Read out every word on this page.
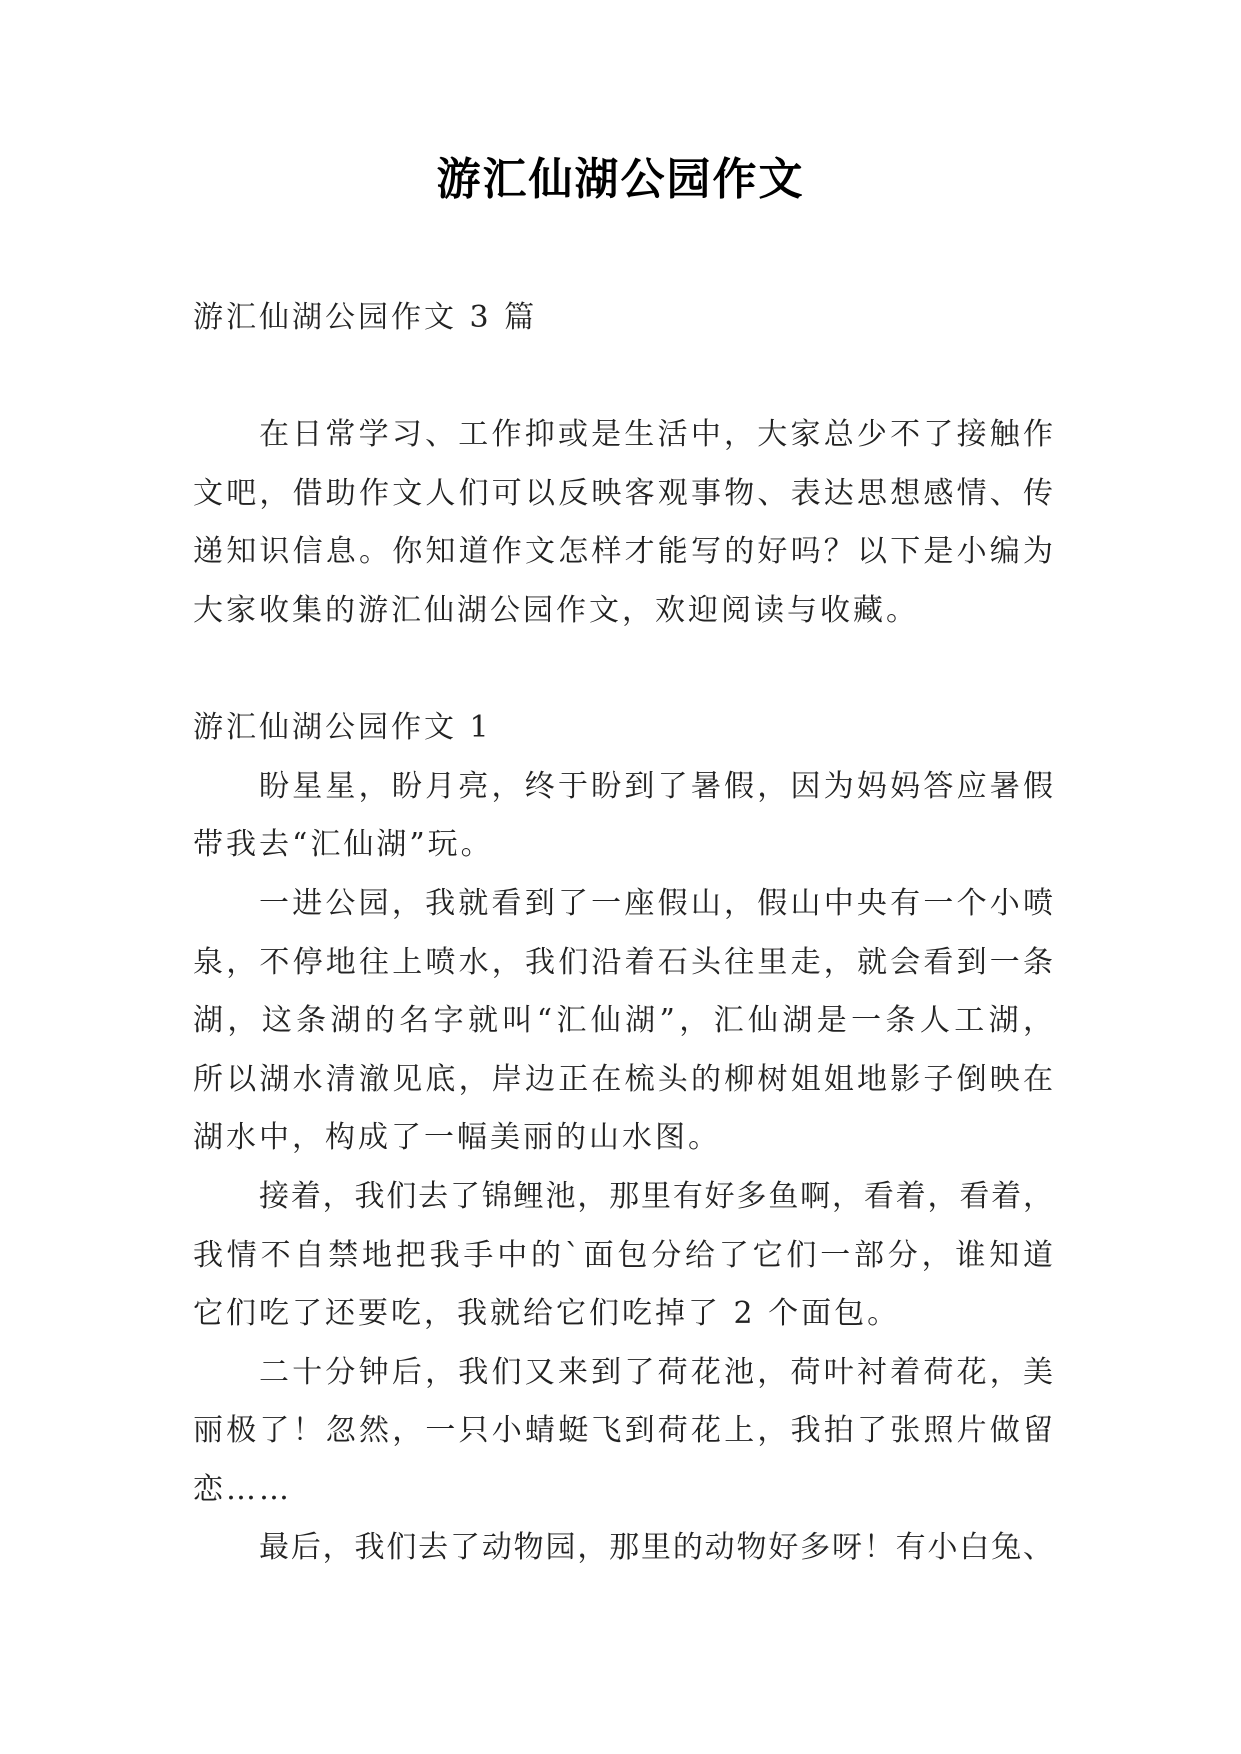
游汇仙湖公园作文
游汇仙湖公园作文 3 篇
在日常学习、工作抑或是生活中，大家总少不了接触作
文吧，借助作文人们可以反映客观事物、表达思想感情、传
递知识信息。你知道作文怎样才能写的好吗？以下是小编为
大家收集的游汇仙湖公园作文，欢迎阅读与收藏。
游汇仙湖公园作文 1
盼星星，盼月亮，终于盼到了暑假，因为妈妈答应暑假
带我去“汇仙湖”玩。
一进公园，我就看到了一座假山，假山中央有一个小喷
泉，不停地往上喷水，我们沿着石头往里走，就会看到一条
湖，这条湖的名字就叫“汇仙湖”，汇仙湖是一条人工湖，
所以湖水清澈见底，岸边正在梳头的柳树姐姐地影子倒映在
湖水中，构成了一幅美丽的山水图。
接着，我们去了锦鲤池，那里有好多鱼啊，看着，看着，
我情不自禁地把我手中的`面包分给了它们一部分，谁知道
它们吃了还要吃，我就给它们吃掉了 2 个面包。
二十分钟后，我们又来到了荷花池，荷叶衬着荷花，美
丽极了！忽然，一只小蜻蜓飞到荷花上，我拍了张照片做留
恋……
最后，我们去了动物园，那里的动物好多呀！有小白兔、
